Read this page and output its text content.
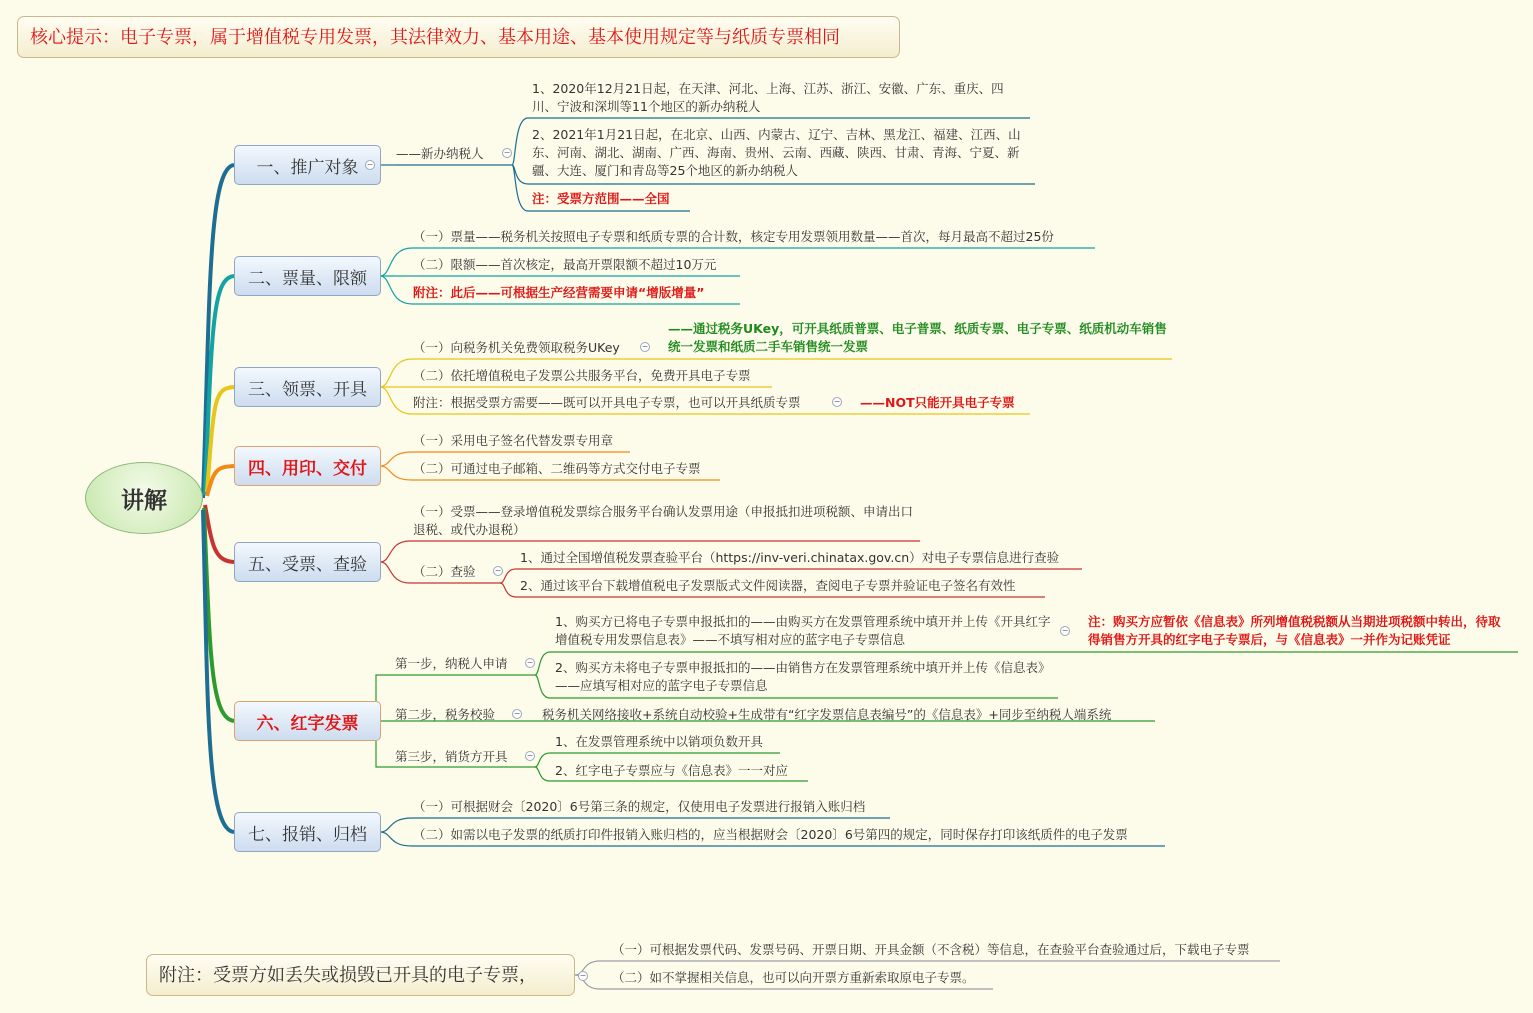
核心提示：电子专票，属于增值税专用发票，其法律效力、基本用途、基本使用规定等与纸质专票相同
讲解
一、推广对象
二、票量、限额
三、领票、开具
四、用印、交付
五、受票、查验
六、红字发票
七、报销、归档
−
−
−
−
−
−
−
−
−
−
——新办纳税人
1、2020年12月21日起，在天津、河北、上海、江苏、浙江、安徽、广东、重庆、四川、宁波和深圳等11个地区的新办纳税人
2、2021年1月21日起，在北京、山西、内蒙古、辽宁、吉林、黑龙江、福建、江西、山东、河南、湖北、湖南、广西、海南、贵州、云南、西藏、陕西、甘肃、青海、宁夏、新疆、大连、厦门和青岛等25个地区的新办纳税人
注：受票方范围——全国
（一）票量——税务机关按照电子专票和纸质专票的合计数，核定专用发票领用数量——首次，每月最高不超过25份
（二）限额——首次核定，最高开票限额不超过10万元
附注：此后——可根据生产经营需要申请“增版增量”
（一）向税务机关免费领取税务UKey
——通过税务UKey，可开具纸质普票、电子普票、纸质专票、电子专票、纸质机动车销售统一发票和纸质二手车销售统一发票
（二）依托增值税电子发票公共服务平台，免费开具电子专票
附注：根据受票方需要——既可以开具电子专票，也可以开具纸质专票	——NOT只能开具电子专票
（一）采用电子签名代替发票专用章
（二）可通过电子邮箱、二维码等方式交付电子专票
（一）受票——登录增值税发票综合服务平台确认发票用途（申报抵扣进项税额、申请出口退税、或代办退税）
（二）查验
1、通过全国增值税发票查验平台（https://inv-veri.chinatax.gov.cn）对电子专票信息进行查验
2、通过该平台下载增值税电子发票版式文件阅读器，查阅电子专票并验证电子签名有效性
第一步，纳税人申请
1、购买方已将电子专票申报抵扣的——由购买方在发票管理系统中填开并上传《开具红字增值税专用发票信息表》——不填写相对应的蓝字电子专票信息
注：购买方应暂依《信息表》所列增值税税额从当期进项税额中转出，待取得销售方开具的红字电子专票后，与《信息表》一并作为记账凭证
2、购买方未将电子专票申报抵扣的——由销售方在发票管理系统中填开并上传《信息表》——应填写相对应的蓝字电子专票信息
第二步，税务校验	税务机关网络接收+系统自动校验+生成带有“红字发票信息表编号”的《信息表》+同步至纳税人端系统
第三步，销货方开具
1、在发票管理系统中以销项负数开具
2、红字电子专票应与《信息表》一一对应
（一）可根据财会〔2020〕6号第三条的规定，仅使用电子发票进行报销入账归档
（二）如需以电子发票的纸质打印件报销入账归档的，应当根据财会〔2020〕6号第四的规定，同时保存打印该纸质件的电子发票
附注：受票方如丢失或损毁已开具的电子专票，
（一）可根据发票代码、发票号码、开票日期、开具金额（不含税）等信息，在查验平台查验通过后，下载电子专票
（二）如不掌握相关信息，也可以向开票方重新索取原电子专票。
